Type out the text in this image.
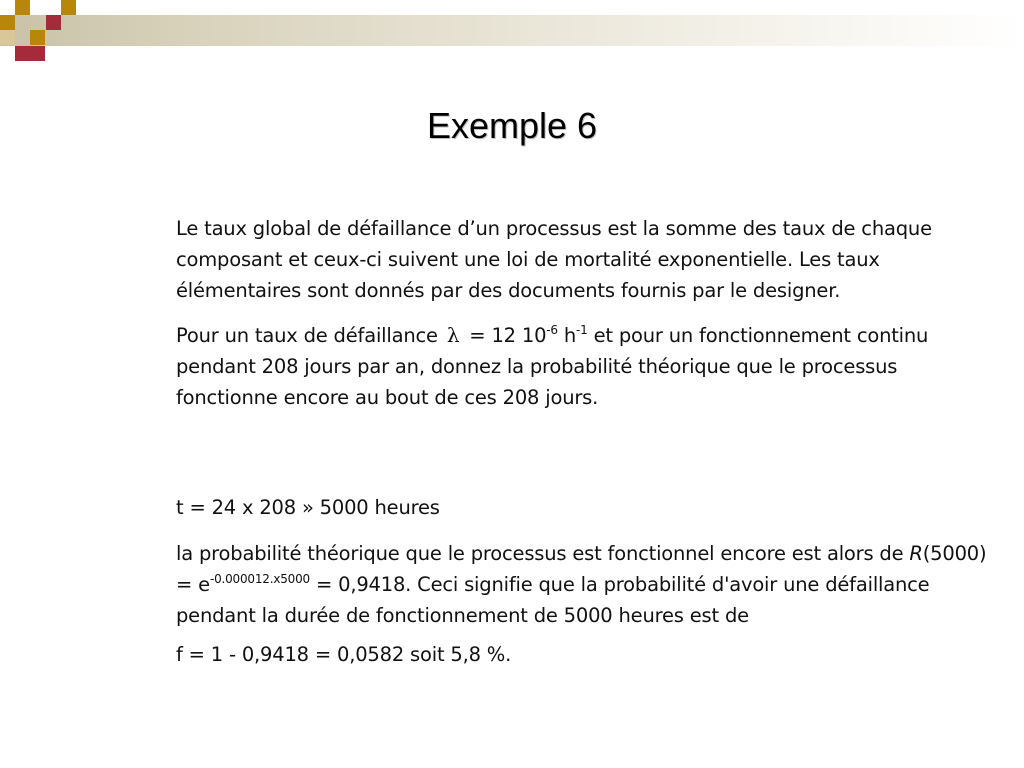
Exemple 6

Le taux global de défaillance d’un processus est la somme des taux de chaque composant et ceux-ci suivent une loi de mortalité exponentielle. Les taux élémentaires sont donnés par des documents fournis par le designer.

Pour un taux de défaillance λ = 12 $10^{-6}$ $h^{-1}$ et pour un fonctionnement continu pendant 208 jours par an, donnez la probabilité théorique que le processus fonctionne encore au bout de ces 208 jours.

t = 24 x 208 » 5000 heures

la probabilité théorique que le processus est fonctionnel encore est alors de $R(5000) = e^{-0.000012.x5000} = 0,9418$. Ceci signifie que la probabilité d'avoir une défaillance pendant la durée de fonctionnement de 5000 heures est de

f = 1 - 0,9418 = 0,0582 soit 5,8 %.
